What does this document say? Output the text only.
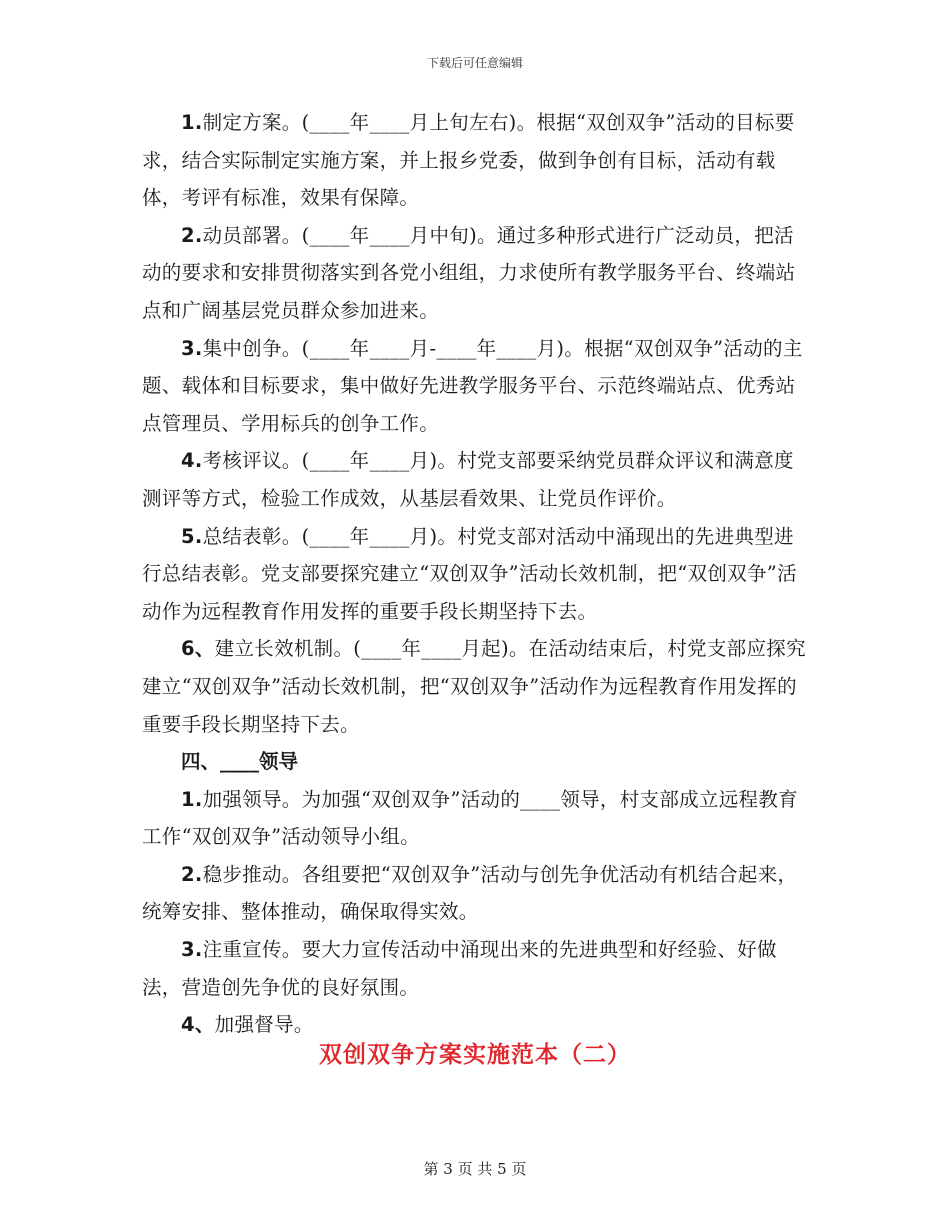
下载后可任意编辑

1.制定方案。(____年____月上旬左右)。根据“双创双争”活动的目标要求，结合实际制定实施方案，并上报乡党委，做到争创有目标，活动有载体，考评有标准，效果有保障。

2.动员部署。(____年____月中旬)。通过多种形式进行广泛动员，把活动的要求和安排贯彻落实到各党小组组，力求使所有教学服务平台、终端站点和广阔基层党员群众参加进来。

3.集中创争。(____年____月-____年____月)。根据“双创双争”活动的主题、载体和目标要求，集中做好先进教学服务平台、示范终端站点、优秀站点管理员、学用标兵的创争工作。

4.考核评议。(____年____月)。村党支部要采纳党员群众评议和满意度测评等方式，检验工作成效，从基层看效果、让党员作评价。

5.总结表彰。(____年____月)。村党支部对活动中涌现出的先进典型进行总结表彰。党支部要探究建立“双创双争”活动长效机制，把“双创双争”活动作为远程教育作用发挥的重要手段长期坚持下去。

6、建立长效机制。(____年____月起)。在活动结束后，村党支部应探究建立“双创双争”活动长效机制，把“双创双争”活动作为远程教育作用发挥的重要手段长期坚持下去。

四、____领导

1.加强领导。为加强“双创双争”活动的____领导，村支部成立远程教育工作“双创双争”活动领导小组。

2.稳步推动。各组要把“双创双争”活动与创先争优活动有机结合起来，统筹安排、整体推动，确保取得实效。

3.注重宣传。要大力宣传活动中涌现出来的先进典型和好经验、好做法，营造创先争优的良好氛围。

4、加强督导。

双创双争方案实施范本（二）
第 3 页 共 5 页
